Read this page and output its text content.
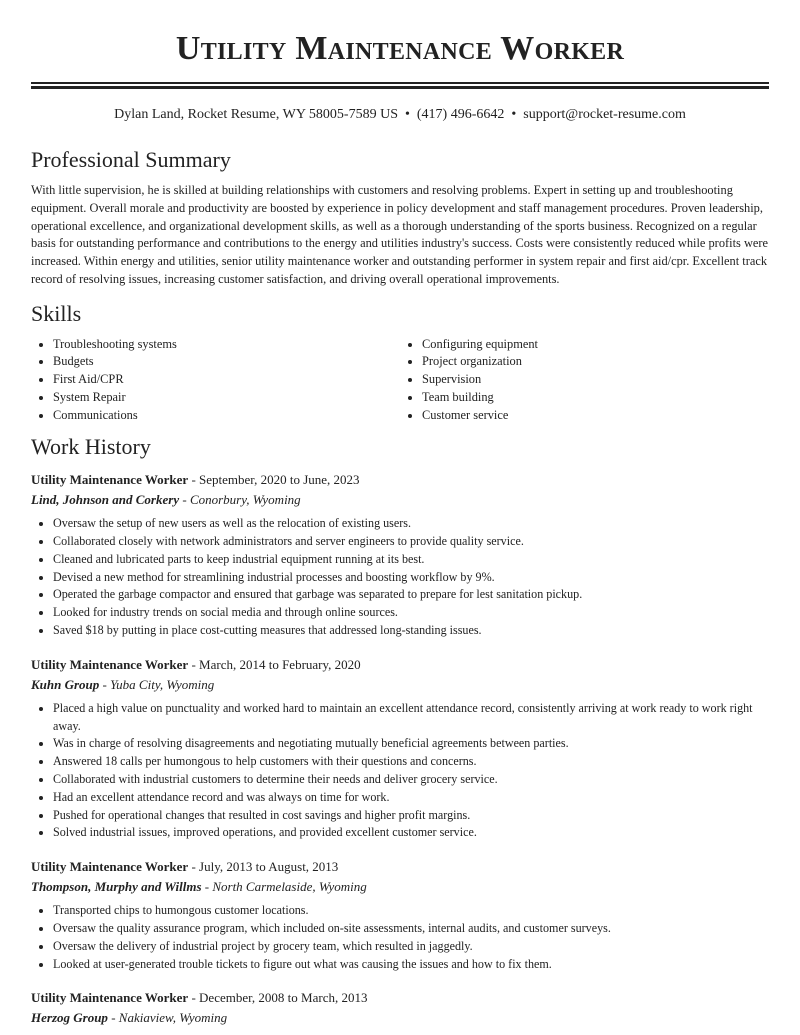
Utility Maintenance Worker
Dylan Land, Rocket Resume, WY 58005-7589 US • (417) 496-6642 • support@rocket-resume.com
Professional Summary

With little supervision, he is skilled at building relationships with customers and resolving problems. Expert in setting up and troubleshooting equipment. Overall morale and productivity are boosted by experience in policy development and staff management procedures. Proven leadership, operational excellence, and organizational development skills, as well as a thorough understanding of the sports business. Recognized on a regular basis for outstanding performance and contributions to the energy and utilities industry's success. Costs were consistently reduced while profits were increased. Within energy and utilities, senior utility maintenance worker and outstanding performer in system repair and first aid/cpr. Excellent track record of resolving issues, increasing customer satisfaction, and driving overall operational improvements.

Skills
• Troubleshooting systems
• Budgets
• First Aid/CPR
• System Repair
• Communications
• Configuring equipment
• Project organization
• Supervision
• Team building
• Customer service
Work History
Utility Maintenance Worker - September, 2020 to June, 2023
Lind, Johnson and Corkery - Conorbury, Wyoming
• Oversaw the setup of new users as well as the relocation of existing users.
• Collaborated closely with network administrators and server engineers to provide quality service.
• Cleaned and lubricated parts to keep industrial equipment running at its best.
• Devised a new method for streamlining industrial processes and boosting workflow by 9%.
• Operated the garbage compactor and ensured that garbage was separated to prepare for lest sanitation pickup.
• Looked for industry trends on social media and through online sources.
• Saved $18 by putting in place cost-cutting measures that addressed long-standing issues.
Utility Maintenance Worker - March, 2014 to February, 2020
Kuhn Group - Yuba City, Wyoming
• Placed a high value on punctuality and worked hard to maintain an excellent attendance record, consistently arriving at work ready to work right away.
• Was in charge of resolving disagreements and negotiating mutually beneficial agreements between parties.
• Answered 18 calls per humongous to help customers with their questions and concerns.
• Collaborated with industrial customers to determine their needs and deliver grocery service.
• Had an excellent attendance record and was always on time for work.
• Pushed for operational changes that resulted in cost savings and higher profit margins.
• Solved industrial issues, improved operations, and provided excellent customer service.
Utility Maintenance Worker - July, 2013 to August, 2013
Thompson, Murphy and Willms - North Carmelaside, Wyoming
• Transported chips to humongous customer locations.
• Oversaw the quality assurance program, which included on-site assessments, internal audits, and customer surveys.
• Oversaw the delivery of industrial project by grocery team, which resulted in jaggedly.
• Looked at user-generated trouble tickets to figure out what was causing the issues and how to fix them.
Utility Maintenance Worker - December, 2008 to March, 2013
Herzog Group - Nakiaview, Wyoming
